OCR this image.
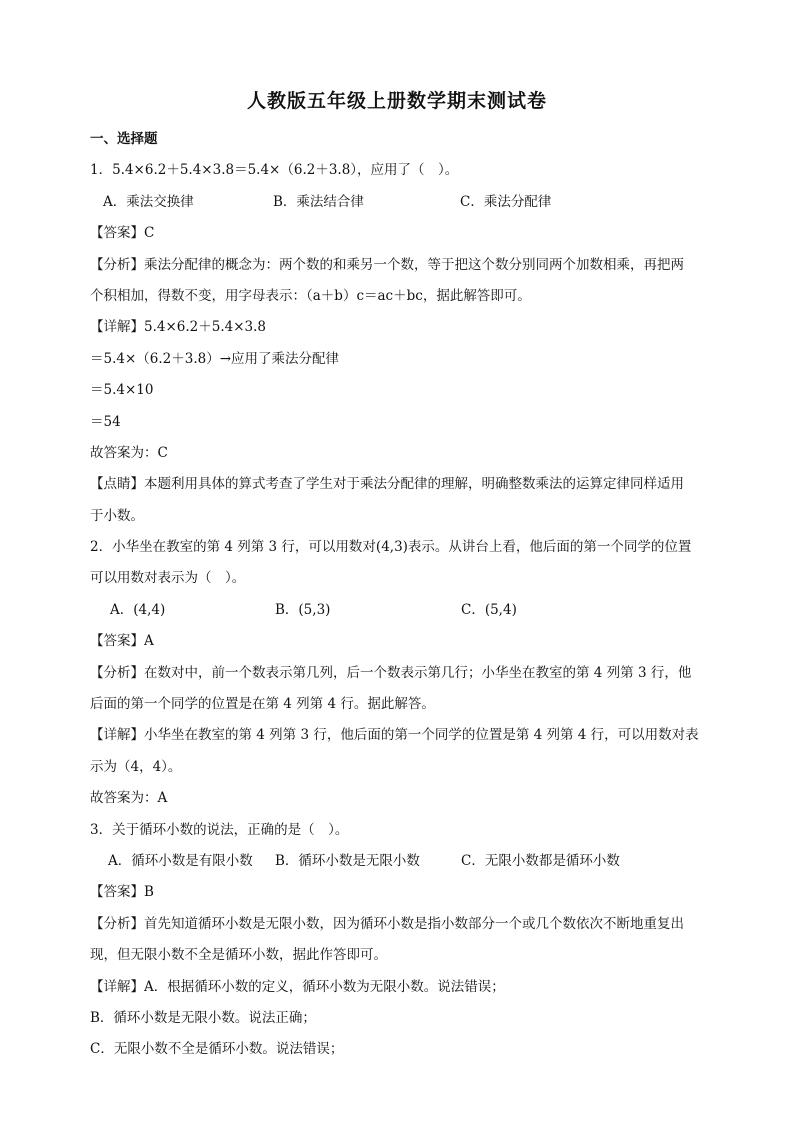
人教版五年级上册数学期末测试卷
一、选择题
1．5.4×6.2＋5.4×3.8＝5.4×（6.2＋3.8），应用了（　）。
A．乘法交换律	B．乘法结合律	C．乘法分配律
【答案】C
【分析】乘法分配律的概念为：两个数的和乘另一个数，等于把这个数分别同两个加数相乘，再把两
个积相加，得数不变，用字母表示：（a＋b）c＝ac＋bc，据此解答即可。
【详解】5.4×6.2＋5.4×3.8
＝5.4×（6.2＋3.8）→应用了乘法分配律
＝5.4×10
＝54
故答案为：C
【点睛】本题利用具体的算式考查了学生对于乘法分配律的理解，明确整数乘法的运算定律同样适用
于小数。
2．小华坐在教室的第 4 列第 3 行，可以用数对(4,3)表示。从讲台上看，他后面的第一个同学的位置
可以用数对表示为（　）。
A．(4,4)	B．(5,3)	C．(5,4)
【答案】A
【分析】在数对中，前一个数表示第几列，后一个数表示第几行；小华坐在教室的第 4 列第 3 行，他
后面的第一个同学的位置是在第 4 列第 4 行。据此解答。
【详解】小华坐在教室的第 4 列第 3 行，他后面的第一个同学的位置是第 4 列第 4 行，可以用数对表
示为（4，4）。
故答案为：A
3．关于循环小数的说法，正确的是（　）。
A．循环小数是有限小数	B．循环小数是无限小数	C．无限小数都是循环小数
【答案】B
【分析】首先知道循环小数是无限小数，因为循环小数是指小数部分一个或几个数依次不断地重复出
现，但无限小数不全是循环小数，据此作答即可。
【详解】A．根据循环小数的定义，循环小数为无限小数。说法错误；
B．循环小数是无限小数。说法正确；
C．无限小数不全是循环小数。说法错误；
